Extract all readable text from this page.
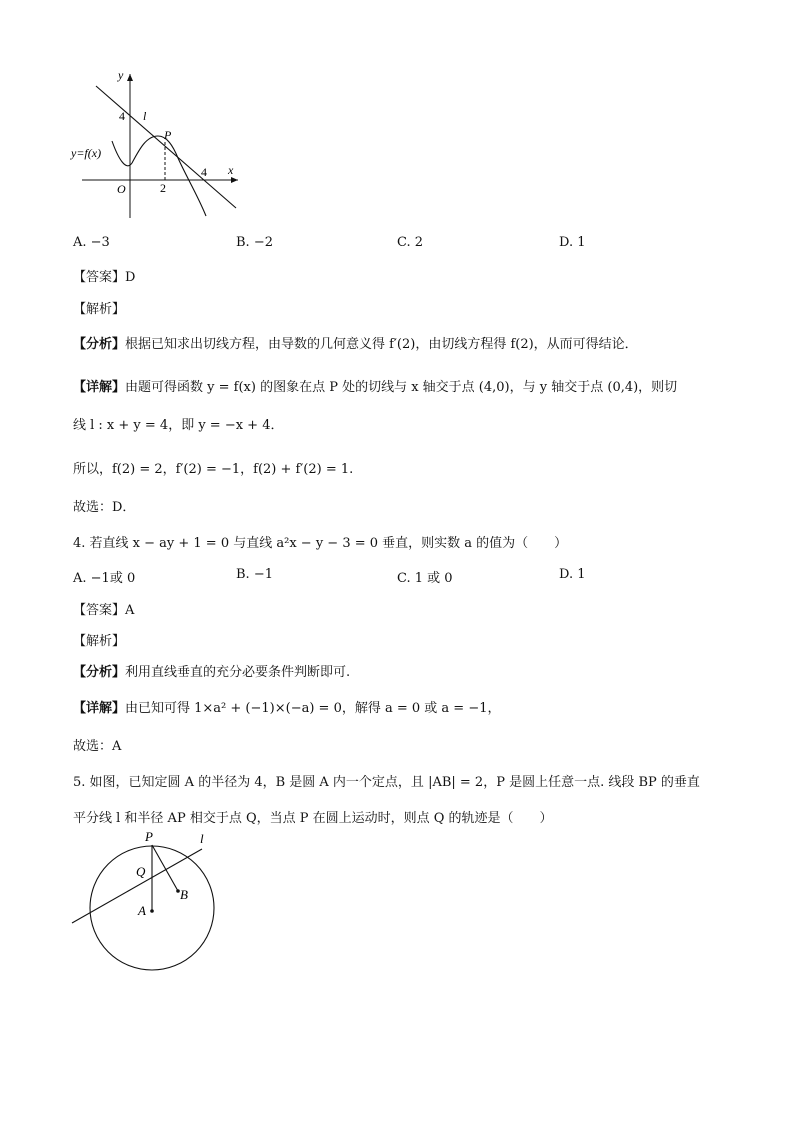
y
x
O
4
2
4
l
P
y=f(x)
A. −3	B. −2	C. 2	D. 1
【答案】D
【解析】
【分析】根据已知求出切线方程，由导数的几何意义得 f′(2)，由切线方程得 f(2)，从而可得结论．
【详解】由题可得函数 y = f(x) 的图象在点 P 处的切线与 x 轴交于点 (4,0)，与 y 轴交于点 (0,4)，则切
线 l : x + y = 4，即 y = −x + 4．
所以，f(2) = 2，f′(2) = −1，f(2) + f′(2) = 1.
故选：D．
4. 若直线 x − ay + 1 = 0 与直线 a²x − y − 3 = 0 垂直，则实数 a 的值为（　　）
A. −1或 0	B. −1	C. 1 或 0	D. 1
【答案】A
【解析】
【分析】利用直线垂直的充分必要条件判断即可.
【详解】由已知可得 1×a² + (−1)×(−a) = 0，解得 a = 0 或 a = −1，
故选：A
5. 如图，已知定圆 A 的半径为 4，B 是圆 A 内一个定点，且 |AB| = 2，P 是圆上任意一点. 线段 BP 的垂直
平分线 l 和半径 AP 相交于点 Q，当点 P 在圆上运动时，则点 Q 的轨迹是（　　）
P
Q
A
B
l
